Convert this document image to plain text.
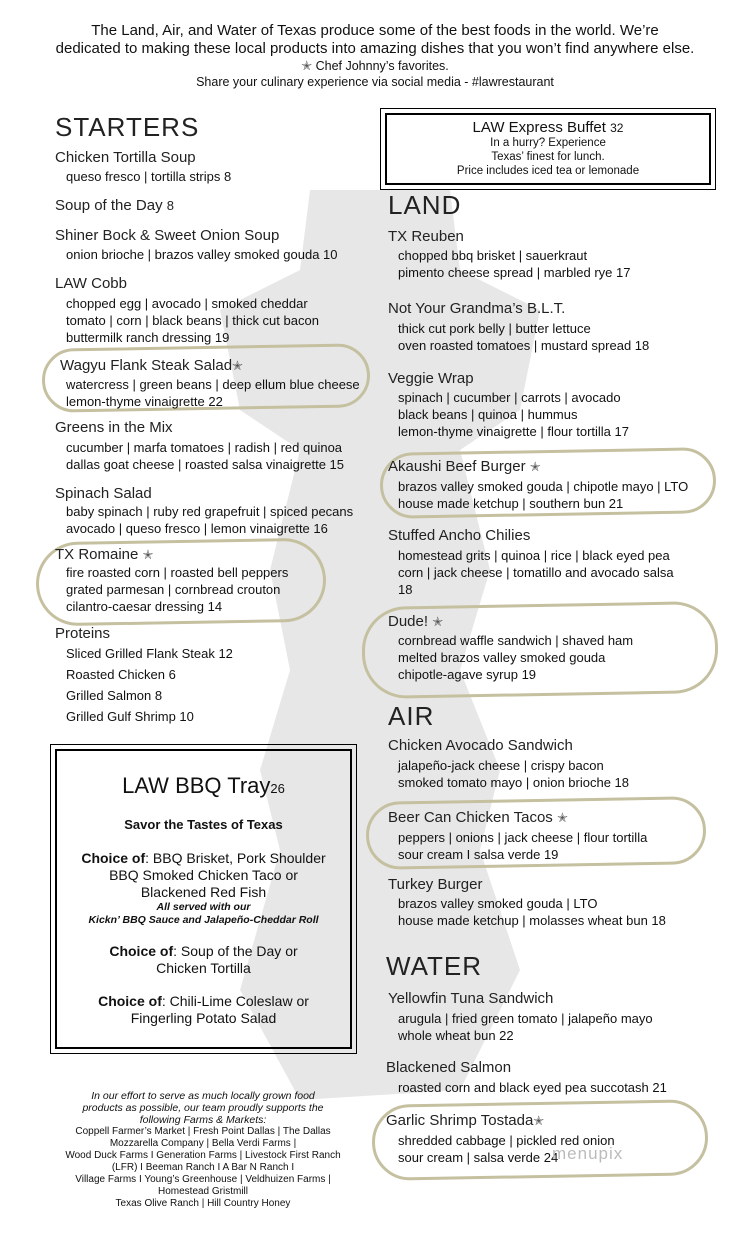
The Land, Air, and Water of Texas produce some of the best foods in the world. We’re
dedicated to making these local products into amazing dishes that you won’t find anywhere else.
✭ Chef Johnny’s favorites.
Share your culinary experience via social media - #lawrestaurant
STARTERS
Chicken Tortilla Soup
queso fresco | tortilla strips 8
Soup of the Day 8
Shiner Bock & Sweet Onion Soup
onion brioche | brazos valley smoked gouda 10
LAW Cobb
chopped egg | avocado | smoked cheddar
tomato | corn | black beans | thick cut bacon
buttermilk ranch dressing 19
Wagyu Flank Steak Salad✭
watercress | green beans | deep ellum blue cheese
lemon-thyme vinaigrette 22
Greens in the Mix
cucumber | marfa tomatoes | radish | red quinoa
dallas goat cheese | roasted salsa vinaigrette 15
Spinach Salad
baby spinach | ruby red grapefruit | spiced pecans
avocado | queso fresco | lemon vinaigrette 16
TX Romaine ✭
fire roasted corn | roasted bell peppers
grated parmesan | cornbread crouton
cilantro-caesar dressing 14
Proteins
Sliced Grilled Flank Steak 12
Roasted Chicken 6
Grilled Salmon 8
Grilled Gulf Shrimp 10
LAW Express Buffet 32
In a hurry? Experience
Texas’ finest for lunch.
Price includes iced tea or lemonade
LAND
TX Reuben
chopped bbq brisket | sauerkraut
pimento cheese spread | marbled rye 17
Not Your Grandma’s B.L.T.
thick cut pork belly | butter lettuce
oven roasted tomatoes | mustard spread 18
Veggie Wrap
spinach | cucumber | carrots | avocado
black beans | quinoa | hummus
lemon-thyme vinaigrette | flour tortilla 17
Akaushi Beef Burger ✭
brazos valley smoked gouda | chipotle mayo | LTO
house made ketchup | southern bun 21
Stuffed Ancho Chilies
homestead grits | quinoa | rice | black eyed pea
corn | jack cheese | tomatillo and avocado salsa
18
Dude! ✭
cornbread waffle sandwich | shaved ham
melted brazos valley smoked gouda
chipotle-agave syrup 19
AIR
Chicken Avocado Sandwich
jalapeño-jack cheese | crispy bacon
smoked tomato mayo | onion brioche 18
Beer Can Chicken Tacos ✭
peppers | onions | jack cheese | flour tortilla
sour cream I salsa verde 19
Turkey Burger
brazos valley smoked gouda | LTO
house made ketchup | molasses wheat bun 18
WATER
Yellowfin Tuna Sandwich
arugula | fried green tomato | jalapeño mayo
whole wheat bun 22
Blackened Salmon
roasted corn and black eyed pea succotash 21
Garlic Shrimp Tostada✭
shredded cabbage | pickled red onion
sour cream | salsa verde 24
menupix
LAW BBQ Tray26
Savor the Tastes of Texas
Choice of: BBQ Brisket, Pork Shoulder
BBQ Smoked Chicken Taco or
Blackened Red Fish
All served with our
Kickn’ BBQ Sauce and Jalapeño-Cheddar Roll
Choice of: Soup of the Day or
Chicken Tortilla
Choice of: Chili-Lime Coleslaw or
Fingerling Potato Salad
In our effort to serve as much locally grown food
products as possible, our team proudly supports the
following Farms & Markets:
Coppell Farmer’s Market | Fresh Point Dallas | The Dallas
Mozzarella Company | Bella Verdi Farms |
Wood Duck Farms I Generation Farms | Livestock First Ranch
(LFR) I Beeman Ranch I A Bar N Ranch I
Village Farms I Young’s Greenhouse | Veldhuizen Farms |
Homestead Gristmill
Texas Olive Ranch | Hill Country Honey
